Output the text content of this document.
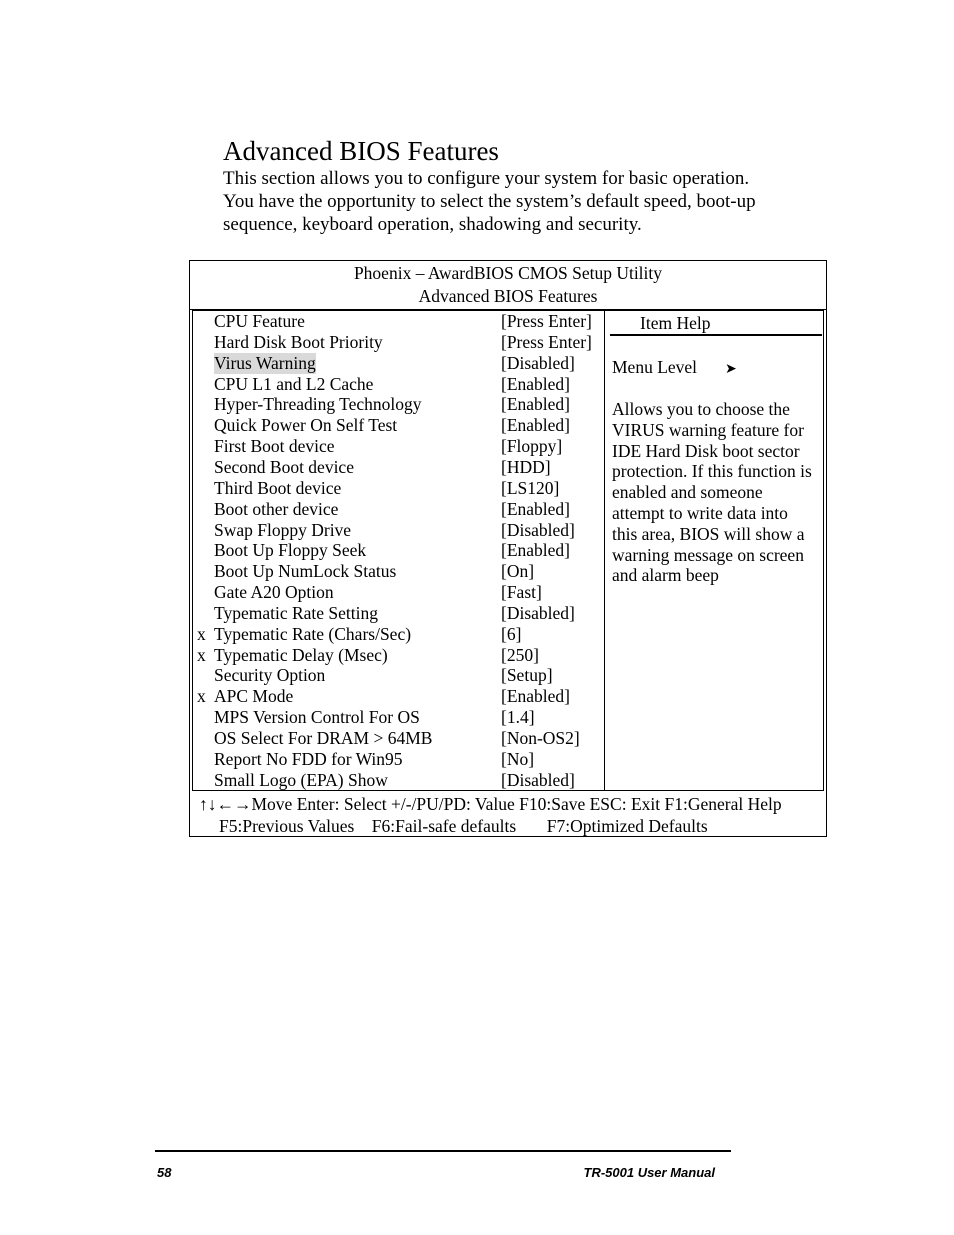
Advanced BIOS Features
This section allows you to configure your system for basic operation.
You have the opportunity to select the system’s default speed, boot-up
sequence, keyboard operation, shadowing and security.
Phoenix – AwardBIOS CMOS Setup Utility
Advanced BIOS Features
CPU Feature	[Press Enter]
Hard Disk Boot Priority	[Press Enter]
Virus Warning	[Disabled]
CPU L1 and L2 Cache	[Enabled]
Hyper-Threading Technology	[Enabled]
Quick Power On Self Test	[Enabled]
First Boot device	[Floppy]
Second Boot device	[HDD]
Third Boot device	[LS120]
Boot other device	[Enabled]
Swap Floppy Drive	[Disabled]
Boot Up Floppy Seek	[Enabled]
Boot Up NumLock Status	[On]
Gate A20 Option	[Fast]
Typematic Rate Setting	[Disabled]
x Typematic Rate (Chars/Sec)	[6]
x Typematic Delay (Msec)	[250]
Security Option	[Setup]
x APC Mode	[Enabled]
MPS Version Control For OS	[1.4]
OS Select For DRAM > 64MB	[Non-OS2]
Report No FDD for Win95	[No]
Small Logo (EPA) Show	[Disabled]
Item Help
Menu Level ➤
Allows you to choose the
VIRUS warning feature for
IDE Hard Disk boot sector
protection. If this function is
enabled and someone
attempt to write data into
this area, BIOS will show a
warning message on screen
and alarm beep
↑↓←→Move Enter: Select +/-/PU/PD: Value F10:Save ESC: Exit F1:General Help
F5:Previous Values    F6:Fail-safe defaults       F7:Optimized Defaults
58	TR-5001 User Manual
